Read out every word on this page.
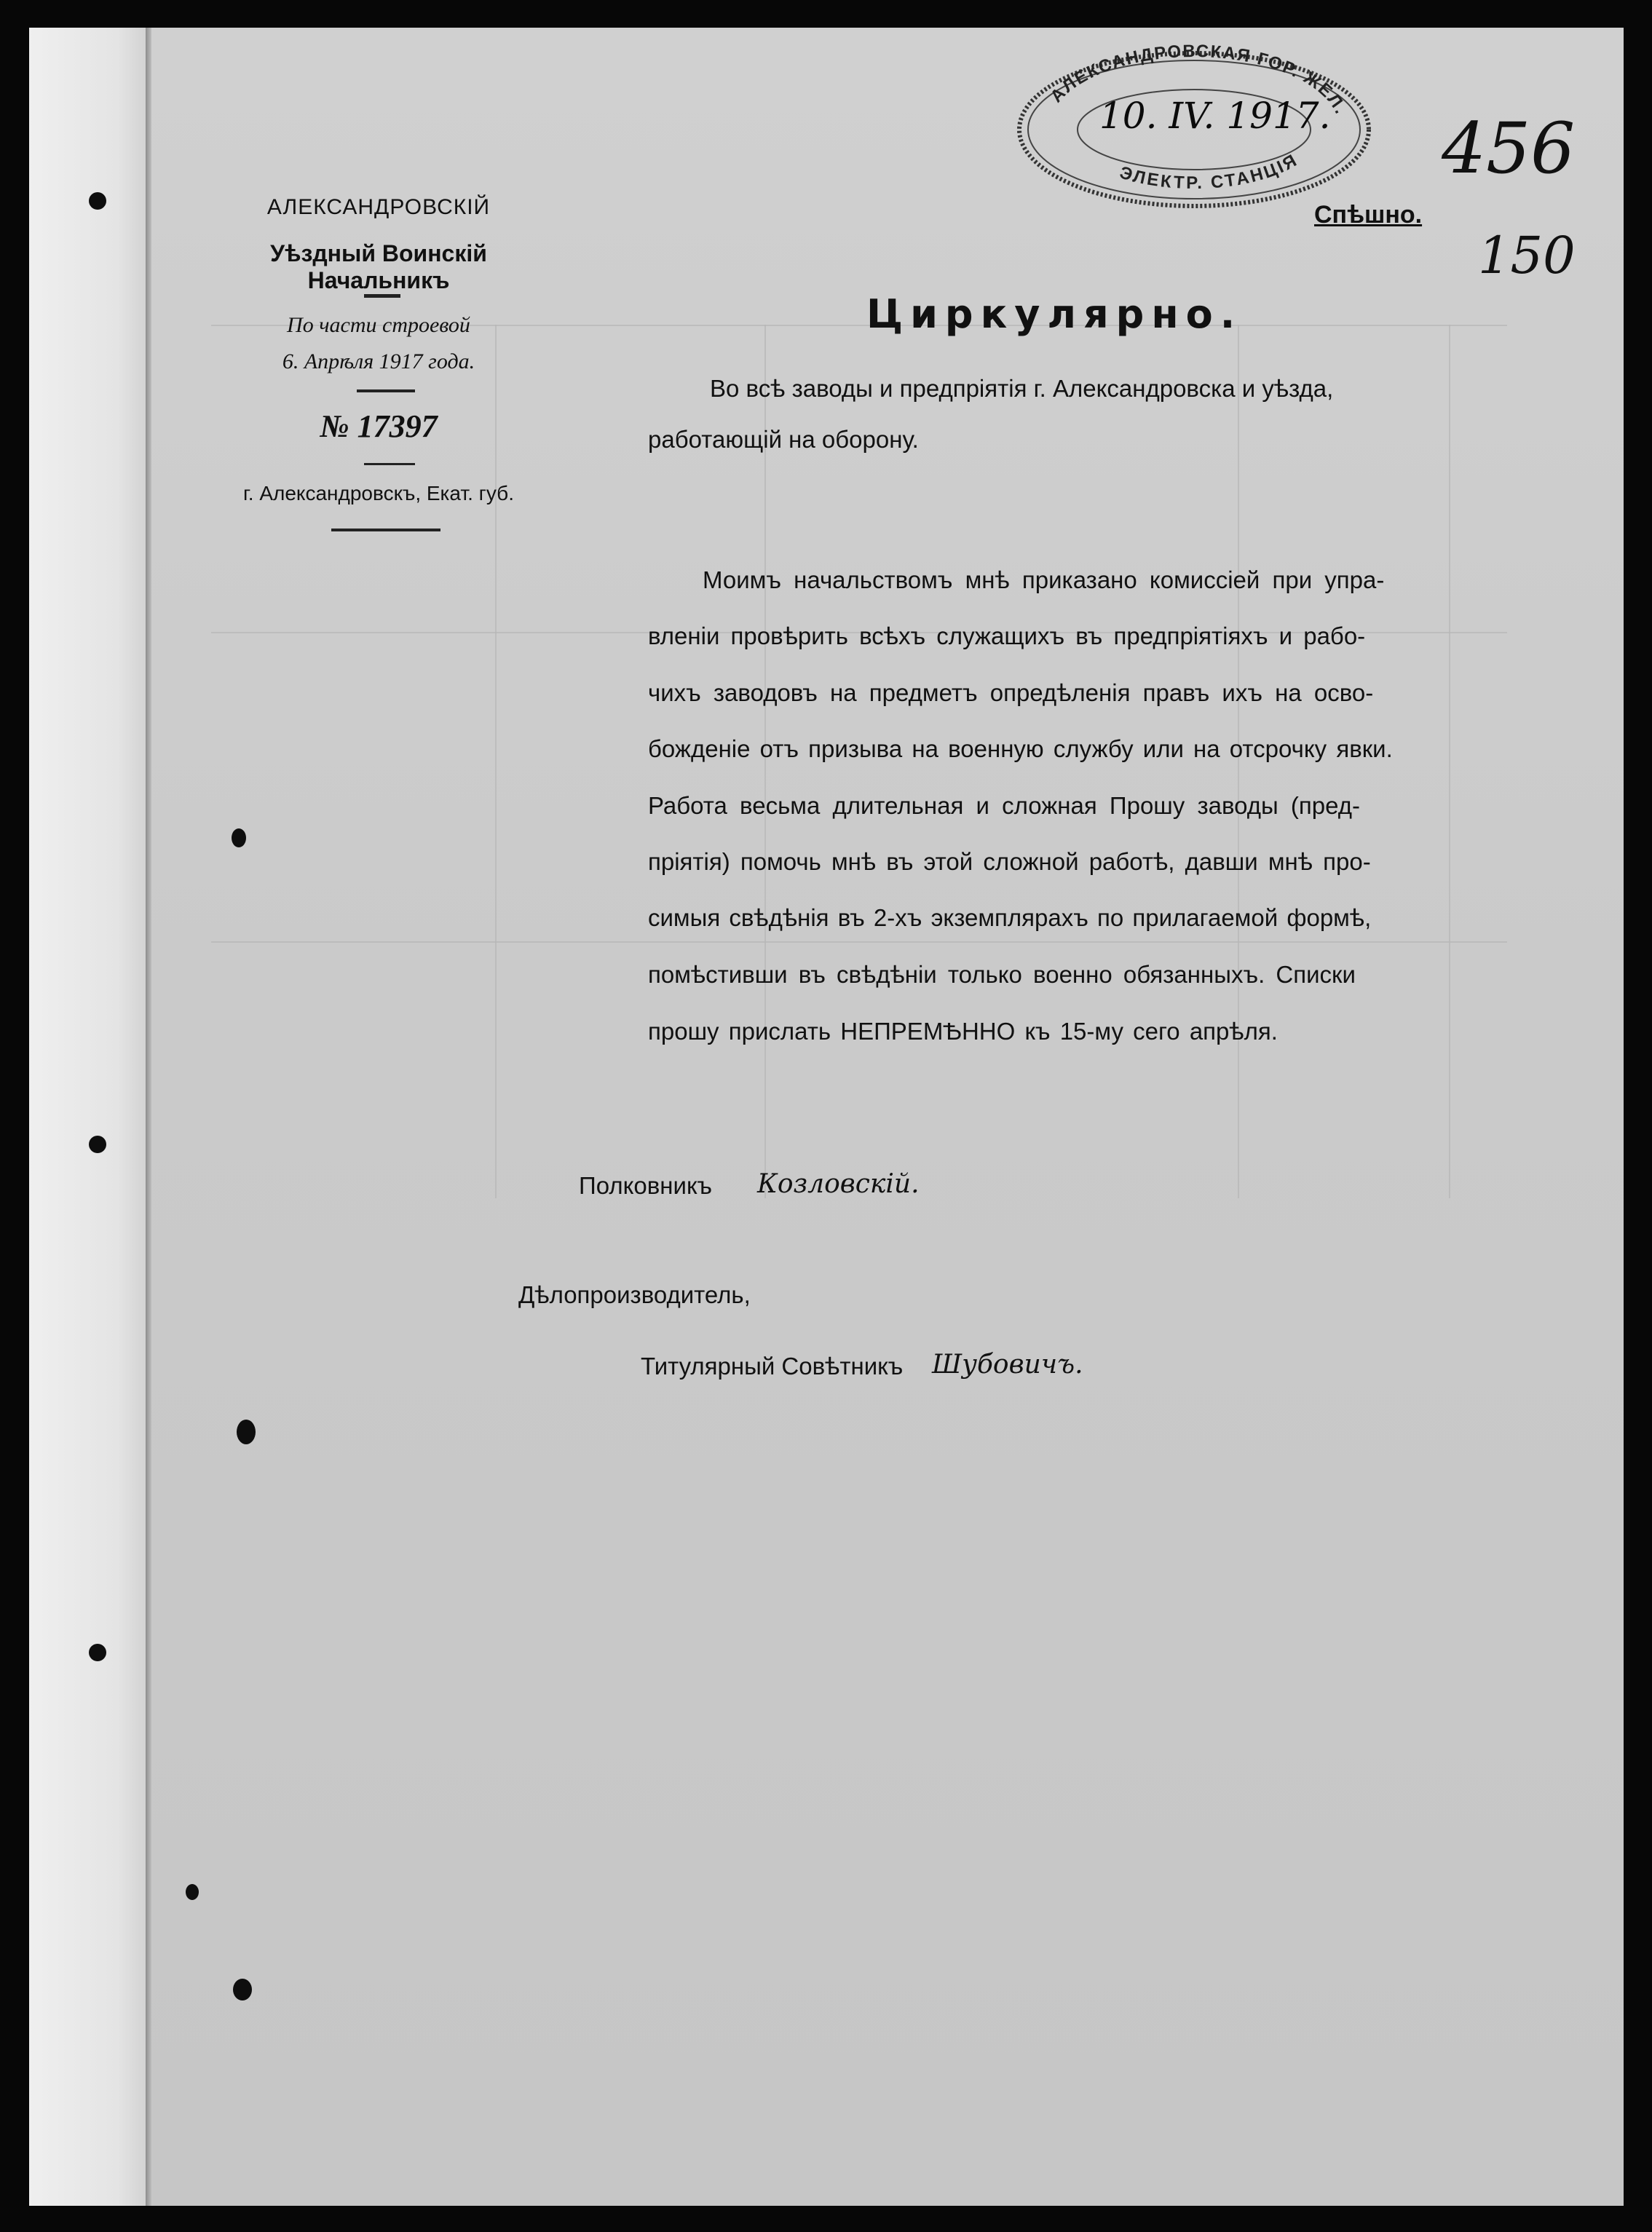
АЛЕКСАНДРОВСКІЙ
Уѣздный Воинскій Начальникъ
По части строевой
6. Апрѣля 1917 года.
№ 17397
г. Александровскъ, Екат. губ.
АЛЕКСАНДРОВСКАЯ ГОР. ЖЕЛ.
ЭЛЕКТР. СТАНЦІЯ
10. IV. 1917.
Спѣшно.
456
150
Циркулярно.
Во всѣ заводы и предпріятія г. Александровска и уѣзда,
работающій на оборону.
Моимъ начальствомъ мнѣ приказано комиссіей при упра-
вленіи провѣрить всѣхъ служащихъ въ предпріятіяхъ и рабо-
чихъ заводовъ на предметъ опредѣленія правъ ихъ на осво-
божденіе отъ призыва на военную службу или на отсрочку явки.
Работа весьма длительная и сложная Прошу заводы (пред-
пріятія) помочь мнѣ въ этой сложной работѣ, давши мнѣ про-
симыя свѣдѣнія въ 2-хъ экземплярахъ по прилагаемой формѣ,
помѣстивши въ свѣдѣніи только военно обязанныхъ. Списки
прошу прислать НЕПРЕМѢННО къ 15-му сего апрѣля.
Полковникъ Козловскій.
Дѣлопроизводитель,
Титулярный Совѣтникъ Шубовичъ.
